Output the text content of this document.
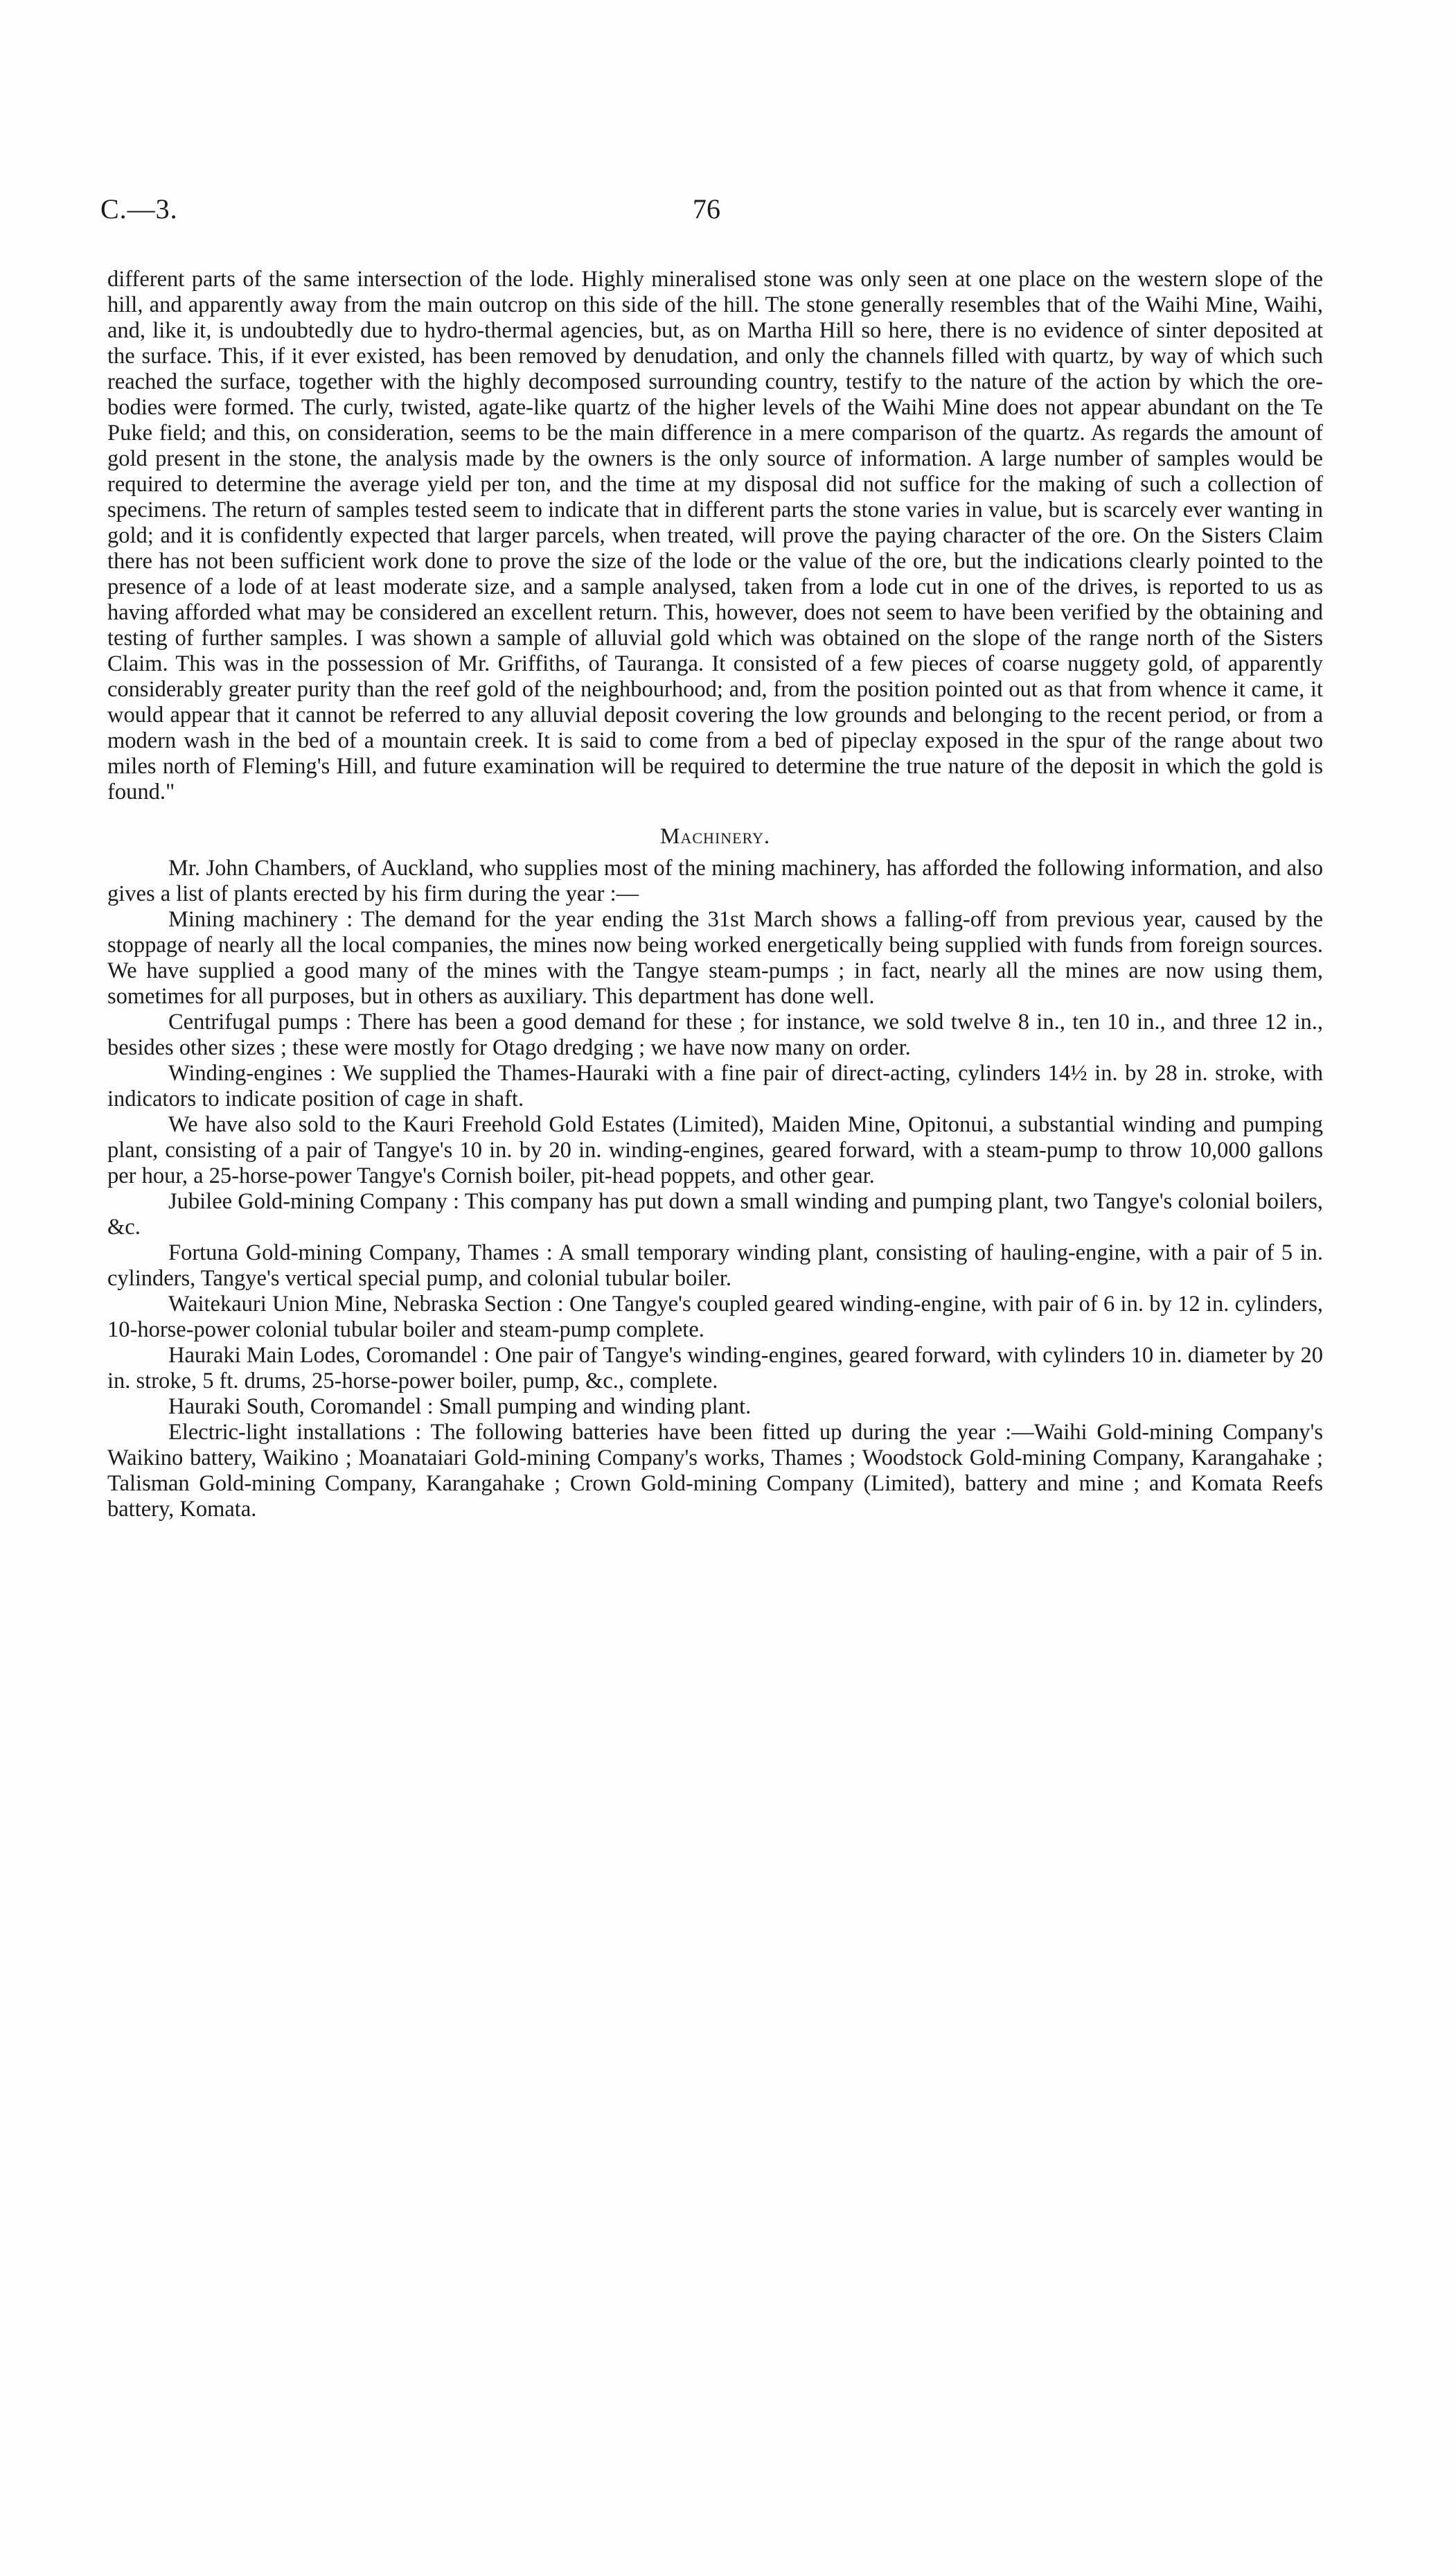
C.—3.	76

different parts of the same intersection of the lode. Highly mineralised stone was only seen at one place on the western slope of the hill, and apparently away from the main outcrop on this side of the hill. The stone generally resembles that of the Waihi Mine, Waihi, and, like it, is undoubtedly due to hydro-thermal agencies, but, as on Martha Hill so here, there is no evidence of sinter deposited at the surface. This, if it ever existed, has been removed by denudation, and only the channels filled with quartz, by way of which such reached the surface, together with the highly decomposed surrounding country, testify to the nature of the action by which the ore-bodies were formed. The curly, twisted, agate-like quartz of the higher levels of the Waihi Mine does not appear abundant on the Te Puke field; and this, on consideration, seems to be the main difference in a mere comparison of the quartz. As regards the amount of gold present in the stone, the analysis made by the owners is the only source of information. A large number of samples would be required to determine the average yield per ton, and the time at my disposal did not suffice for the making of such a collection of specimens. The return of samples tested seem to indicate that in different parts the stone varies in value, but is scarcely ever wanting in gold; and it is confidently expected that larger parcels, when treated, will prove the paying character of the ore. On the Sisters Claim there has not been sufficient work done to prove the size of the lode or the value of the ore, but the indications clearly pointed to the presence of a lode of at least moderate size, and a sample analysed, taken from a lode cut in one of the drives, is reported to us as having afforded what may be considered an excellent return. This, however, does not seem to have been verified by the obtaining and testing of further samples. I was shown a sample of alluvial gold which was obtained on the slope of the range north of the Sisters Claim. This was in the possession of Mr. Griffiths, of Tauranga. It consisted of a few pieces of coarse nuggety gold, of apparently considerably greater purity than the reef gold of the neighbourhood; and, from the position pointed out as that from whence it came, it would appear that it cannot be referred to any alluvial deposit covering the low grounds and belonging to the recent period, or from a modern wash in the bed of a mountain creek. It is said to come from a bed of pipeclay exposed in the spur of the range about two miles north of Fleming's Hill, and future examination will be required to determine the true nature of the deposit in which the gold is found."

Machinery.

Mr. John Chambers, of Auckland, who supplies most of the mining machinery, has afforded the following information, and also gives a list of plants erected by his firm during the year :—

Mining machinery : The demand for the year ending the 31st March shows a falling-off from previous year, caused by the stoppage of nearly all the local companies, the mines now being worked energetically being supplied with funds from foreign sources. We have supplied a good many of the mines with the Tangye steam-pumps ; in fact, nearly all the mines are now using them, sometimes for all purposes, but in others as auxiliary. This department has done well.

Centrifugal pumps : There has been a good demand for these ; for instance, we sold twelve 8 in., ten 10 in., and three 12 in., besides other sizes ; these were mostly for Otago dredging ; we have now many on order.

Winding-engines : We supplied the Thames-Hauraki with a fine pair of direct-acting, cylinders 14½ in. by 28 in. stroke, with indicators to indicate position of cage in shaft.

We have also sold to the Kauri Freehold Gold Estates (Limited), Maiden Mine, Opitonui, a substantial winding and pumping plant, consisting of a pair of Tangye's 10 in. by 20 in. winding-engines, geared forward, with a steam-pump to throw 10,000 gallons per hour, a 25-horse-power Tangye's Cornish boiler, pit-head poppets, and other gear.

Jubilee Gold-mining Company : This company has put down a small winding and pumping plant, two Tangye's colonial boilers, &c.

Fortuna Gold-mining Company, Thames : A small temporary winding plant, consisting of hauling-engine, with a pair of 5 in. cylinders, Tangye's vertical special pump, and colonial tubular boiler.

Waitekauri Union Mine, Nebraska Section : One Tangye's coupled geared winding-engine, with pair of 6 in. by 12 in. cylinders, 10-horse-power colonial tubular boiler and steam-pump complete.

Hauraki Main Lodes, Coromandel : One pair of Tangye's winding-engines, geared forward, with cylinders 10 in. diameter by 20 in. stroke, 5 ft. drums, 25-horse-power boiler, pump, &c., complete.

Hauraki South, Coromandel : Small pumping and winding plant.

Electric-light installations : The following batteries have been fitted up during the year :—Waihi Gold-mining Company's Waikino battery, Waikino ; Moanataiari Gold-mining Company's works, Thames ; Woodstock Gold-mining Company, Karangahake ; Talisman Gold-mining Company, Karangahake ; Crown Gold-mining Company (Limited), battery and mine ; and Komata Reefs battery, Komata.
